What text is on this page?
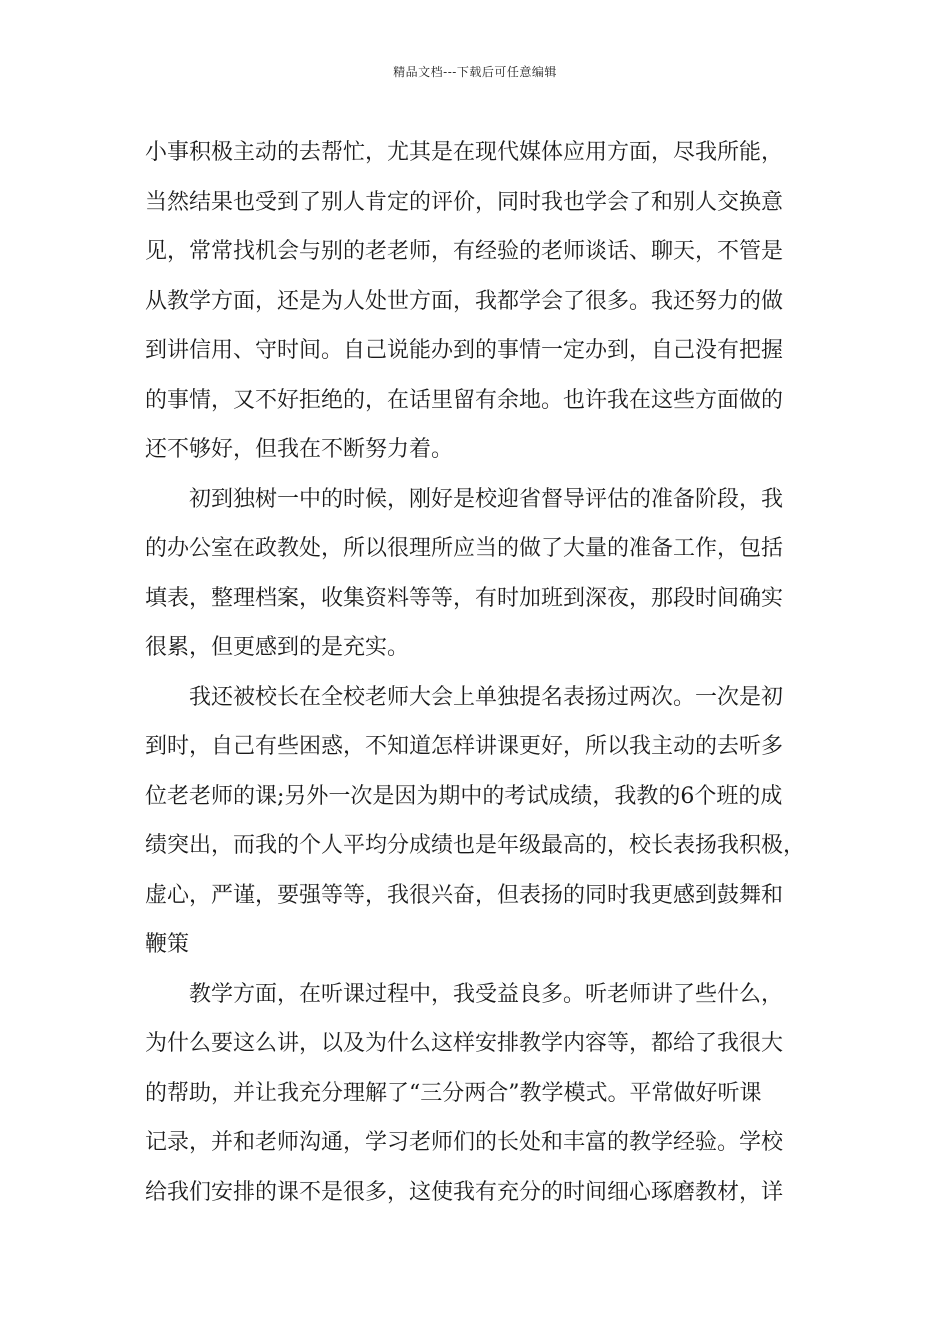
精品文档---下载后可任意编辑
小事积极主动的去帮忙，尤其是在现代媒体应用方面，尽我所能，
当然结果也受到了别人肯定的评价，同时我也学会了和别人交换意
见，常常找机会与别的老老师，有经验的老师谈话、聊天，不管是
从教学方面，还是为人处世方面，我都学会了很多。我还努力的做
到讲信用、守时间。自己说能办到的事情一定办到，自己没有把握
的事情，又不好拒绝的，在话里留有余地。也许我在这些方面做的
还不够好，但我在不断努力着。
初到独树一中的时候，刚好是校迎省督导评估的准备阶段，我
的办公室在政教处，所以很理所应当的做了大量的准备工作，包括
填表，整理档案，收集资料等等，有时加班到深夜，那段时间确实
很累，但更感到的是充实。
我还被校长在全校老师大会上单独提名表扬过两次。一次是初
到时，自己有些困惑，不知道怎样讲课更好，所以我主动的去听多
位老老师的课;另外一次是因为期中的考试成绩，我教的6个班的成
绩突出，而我的个人平均分成绩也是年级最高的，校长表扬我积极，
虚心，严谨，要强等等，我很兴奋，但表扬的同时我更感到鼓舞和
鞭策
教学方面，在听课过程中，我受益良多。听老师讲了些什么，
为什么要这么讲，以及为什么这样安排教学内容等，都给了我很大
的帮助，并让我充分理解了“三分两合”教学模式。平常做好听课
记录，并和老师沟通，学习老师们的长处和丰富的教学经验。学校
给我们安排的课不是很多，这使我有充分的时间细心琢磨教材，详
